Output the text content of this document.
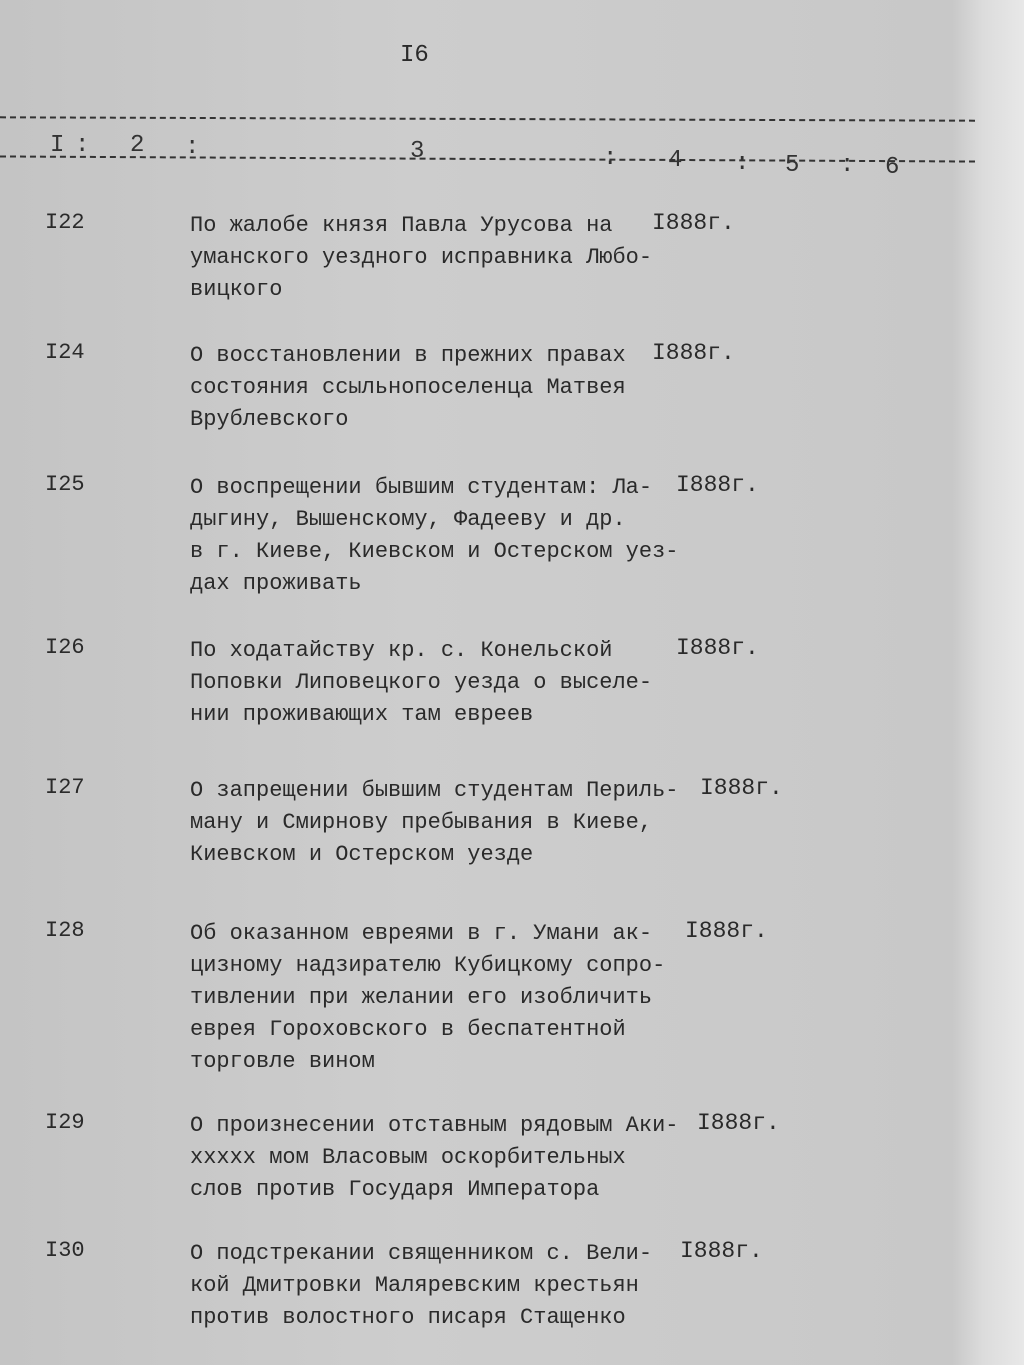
I6
I : 2 :	3	: 4 : 5 : 6
I22	По жалобе князя Павла Урусова на
уманского уездного исправника Любо-
вицкого
I888г.
I24	О восстановлении в прежних правах
состояния ссыльнопоселенца Матвея
Врублевского
I888г.
I25	О воспрещении бывшим студентам: Ла-
дыгину, Вышенскому, Фадееву и др.
в г. Киеве, Киевском и Остерском уез-
дах проживать
I888г.
I26	По ходатайству кр. с. Конельской
Поповки Липовецкого уезда о выселе-
нии проживающих там евреев
I888г.
I27	О запрещении бывшим студентам Периль-
ману и Смирнову пребывания в Киеве,
Киевском и Остерском уезде
I888г.
I28	Об оказанном евреями в г. Умани ак-
цизному надзирателю Кубицкому сопро-
тивлении при желании его изобличить
еврея Гороховского в беспатентной
торговле вином
I888г.
I29	О произнесении отставным рядовым Аки-
ххххх мом Власовым оскорбительных
слов против Государя Императора
I888г.
I30	О подстрекании священником с. Вели-
кой Дмитровки Маляревским крестьян
против волостного писаря Стащенко
I888г.
